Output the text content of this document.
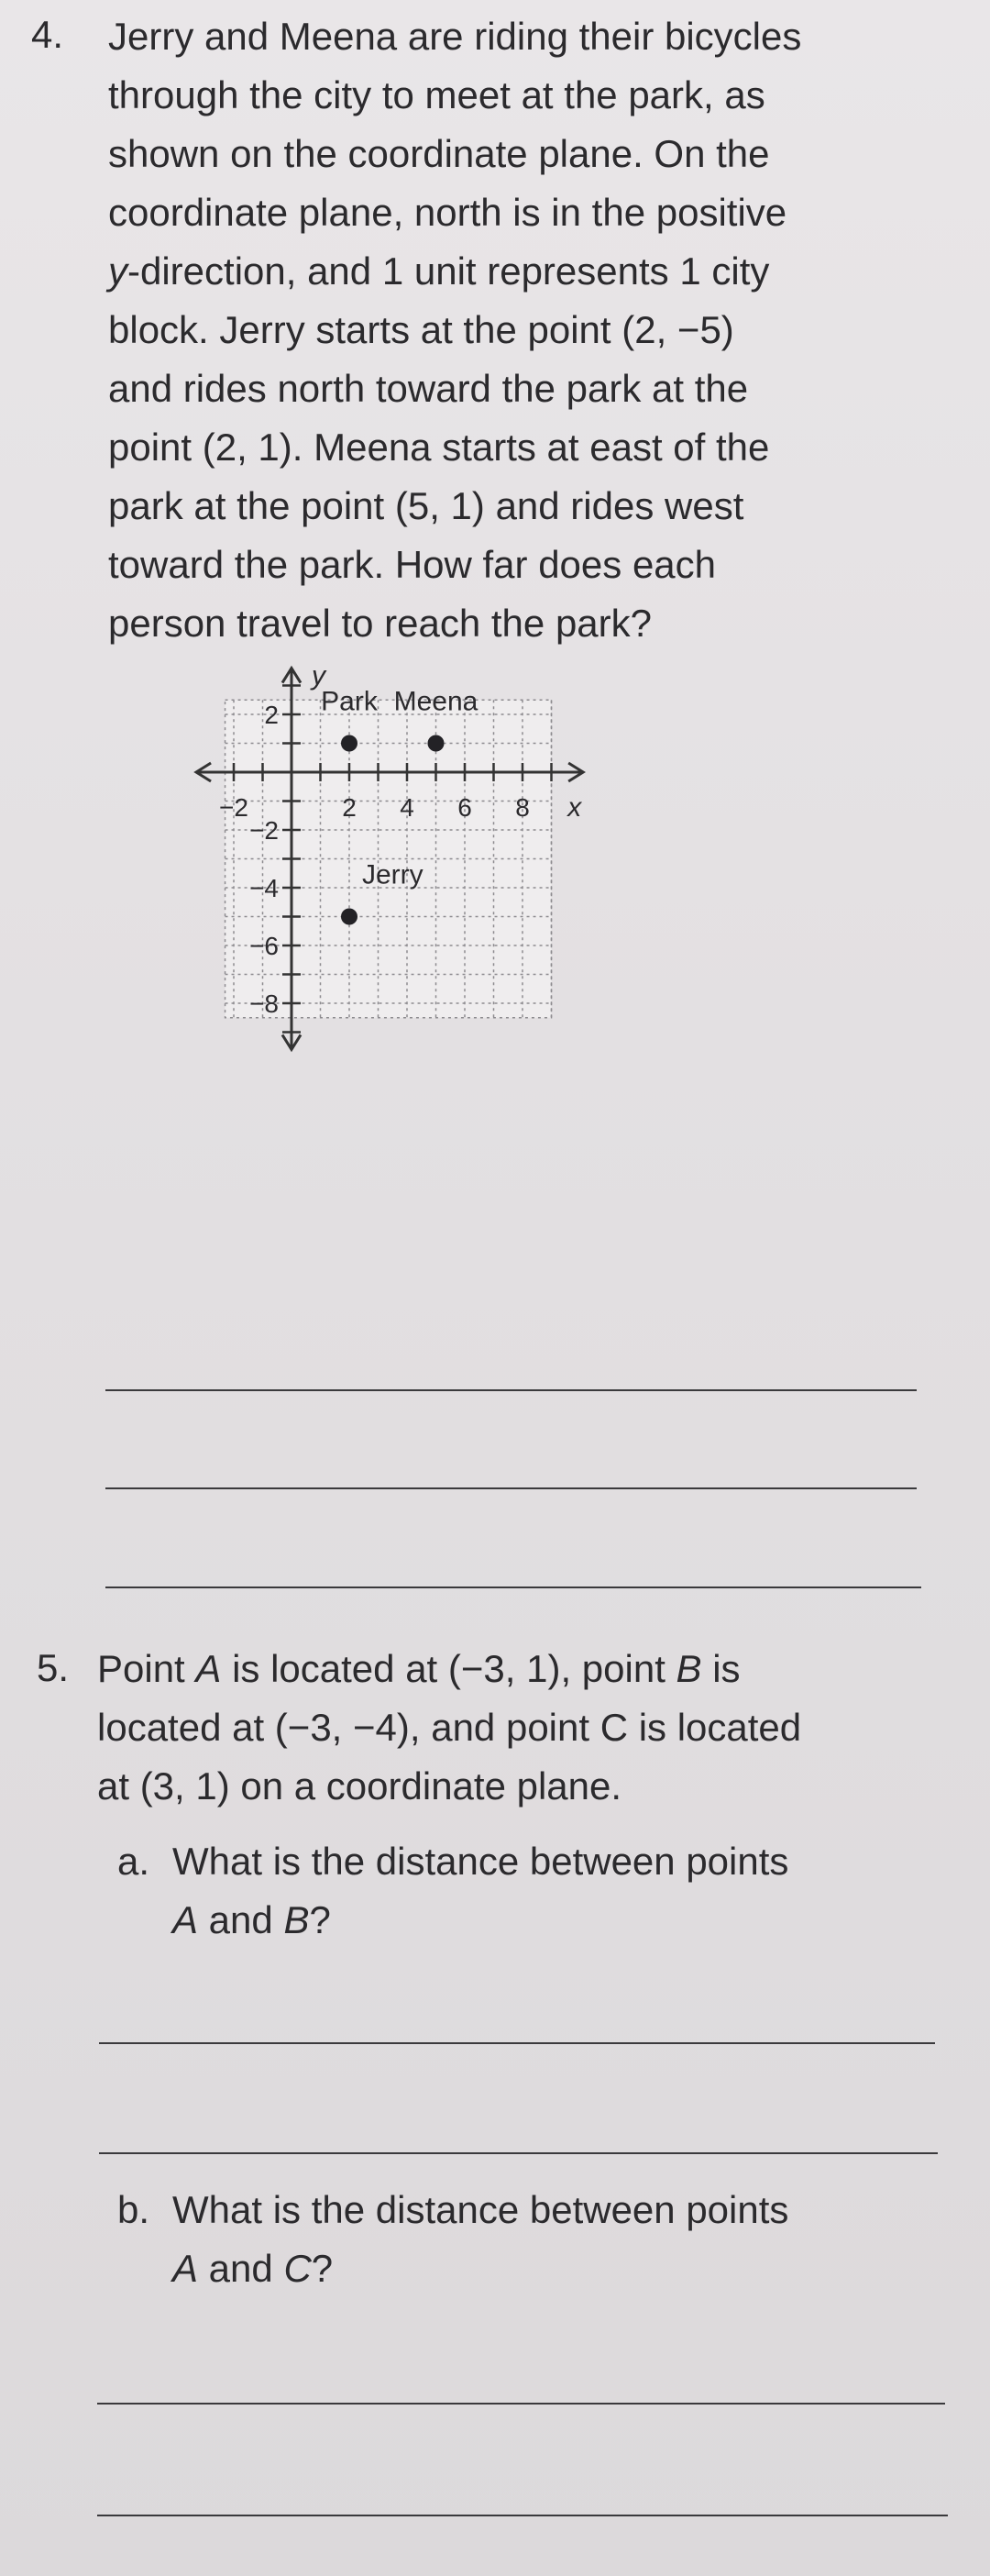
4. Jerry and Meena are riding their bicycles
through the city to meet at the park, as
shown on the coordinate plane. On the
coordinate plane, north is in the positive
y-direction, and 1 unit represents 1 city
block. Jerry starts at the point (2, −5)
and rides north toward the park at the
point (2, 1). Meena starts at east of the
park at the point (5, 1) and rides west
toward the park. How far does each
person travel to reach the park?
−2	2 4 6 8
2
−2
−4
−6
−8
x
y
Park Meena
Jerry
5. Point A is located at (−3, 1), point B is
located at (−3, −4), and point C is located
at (3, 1) on a coordinate plane.
a. What is the distance between points
A and B?
b. What is the distance between points
A and C?
